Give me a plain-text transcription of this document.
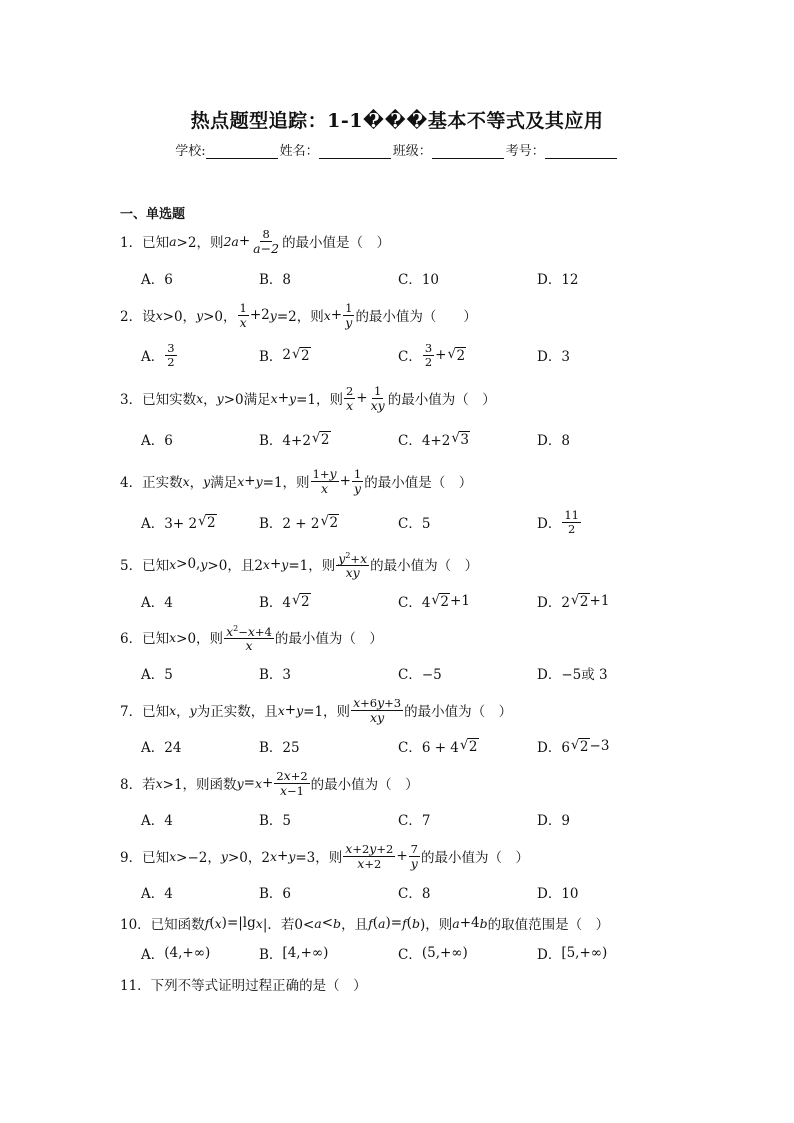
热点题型追踪：1-1���基本不等式及其应用
学校:	姓名：	班级：	考号：
一、单选题
1．已知 a >2，则 $2a + \frac{8}{a-2}$ 的最小值是（　）
A．6	B．8	C．10	D．12
2．设 x >0， y >0， $\frac{1}{x} +2$ y =2，则 $x + \frac{1}{y}$ 的最小值为（　　）
A． $\frac{3}{2}$	B． 2 √ 2	C． $\frac{3}{2}$ + √ 2	D．3
3．已知实数 x ， y >0满足 x + y =1，则 $\frac{2}{x} + \frac{1}{xy}$ 的最小值为（　）
A．6	B．4+2 √ 2	C．4+2 √ 3	D．8
4．正实数 x ， y 满足 x + y =1，则 $\frac{1+y}{x} + \frac{1}{y}$ 的最小值是（　）
A．3+ 2 √ 2	B．2 + 2 √ 2	C．5	D． $\frac{11}{2}$
5．已知 x >0, y >0，且2 x + y =1，则 $\frac{y^2+x}{xy}$ 的最小值为（　）
A．4	B．4 √ 2	C．4 √ 2 +1	D．2 √ 2 +1
6．已知 x >0，则 $\frac{x^2-x+4}{x}$ 的最小值为（　）
A．5	B．3	C．−5	D．−5或 3
7．已知 x ， y 为正实数，且 x + y =1，则 $\frac{x+6y+3}{xy}$ 的最小值为（　）
A．24	B．25	C．6 + 4 √ 2	D．6 √ 2 −3
8．若 x >1，则函数 $y = x + \frac{2x+2}{x-1}$ 的最小值为（　）
A．4	B．5	C．7	D．9
9．已知 x >−2， y >0，2 x + y =3，则 $\frac{x+2y+2}{x+2} + \frac{7}{y}$ 的最小值为（　）
A．4	B．6	C．8	D．10
10．已知函数 f ( x )=|lg x |．若0< a < b ，且 f ( a )= f ( b )，则 a +4 b 的取值范围是（　）
A． (4,+∞)	B． [4,+∞)	C． (5,+∞)	D． [5,+∞)
11．下列不等式证明过程正确的是（　）
